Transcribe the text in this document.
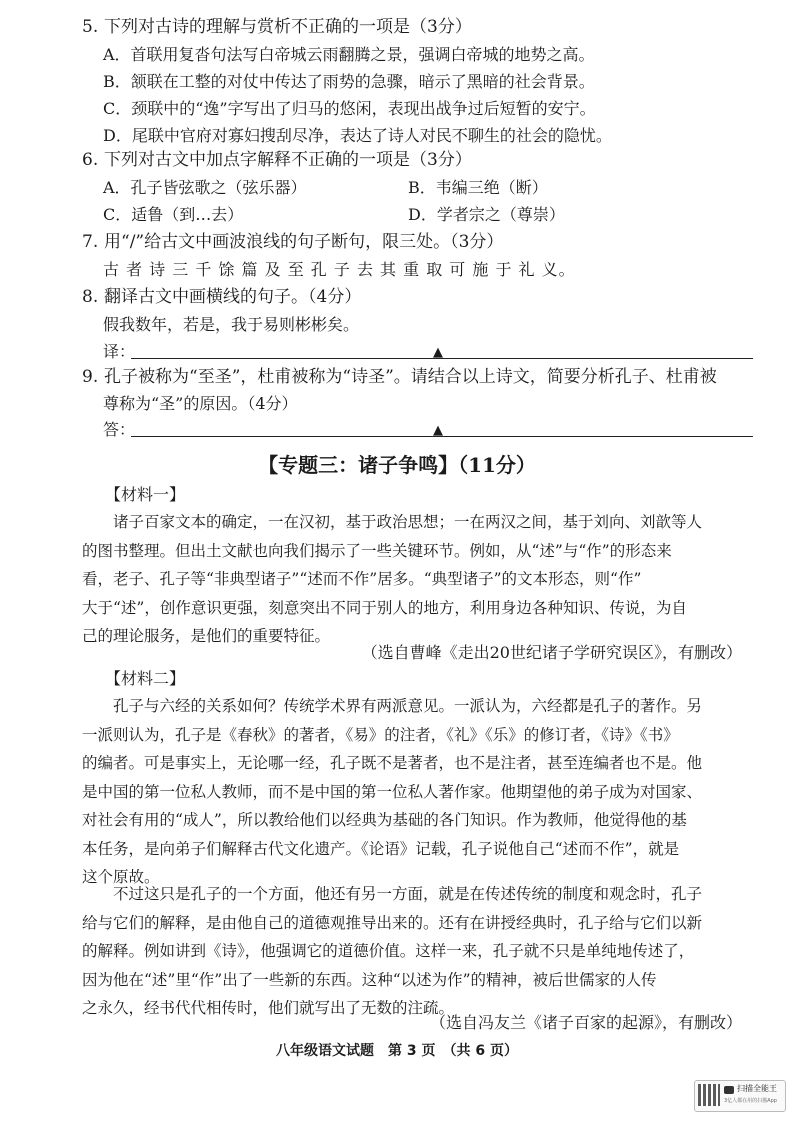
5. 下列对古诗的理解与赏析不正确的一项是（3分）
A．首联用复沓句法写白帝城云雨翻腾之景，强调白帝城的地势之高。
B．颔联在工整的对仗中传达了雨势的急骤，暗示了黑暗的社会背景。
C．颈联中的“逸”字写出了归马的悠闲，表现出战争过后短暂的安宁。
D．尾联中官府对寡妇搜刮尽净，表达了诗人对民不聊生的社会的隐忧。
6. 下列对古文中加点字解释不正确的一项是（3分）
A．孔子皆弦歌之（弦乐器）	B．韦编三绝（断）
C．适鲁（到…去）	D．学者宗之（尊崇）
7. 用“/”给古文中画波浪线的句子断句，限三处。（3分）
古 者 诗 三 千 馀 篇 及 至 孔 子 去 其 重 取 可 施 于 礼 义。
8. 翻译古文中画横线的句子。（4分）
假我数年，若是，我于易则彬彬矣。
译：	▲
9. 孔子被称为“至圣”，杜甫被称为“诗圣”。请结合以上诗文，简要分析孔子、杜甫被
尊称为“圣”的原因。（4分）
答：	▲
【专题三：诸子争鸣】（11分）
【材料一】
诸子百家文本的确定，一在汉初，基于政治思想；一在两汉之间，基于刘向、刘歆等人
的图书整理。但出土文献也向我们揭示了一些关键环节。例如，从“述”与“作”的形态来
看，老子、孔子等“非典型诸子”“述而不作”居多。“典型诸子”的文本形态，则“作”
大于“述”，创作意识更强，刻意突出不同于别人的地方，利用身边各种知识、传说，为自
己的理论服务，是他们的重要特征。
（选自曹峰《走出20世纪诸子学研究误区》，有删改）
【材料二】
孔子与六经的关系如何？传统学术界有两派意见。一派认为，六经都是孔子的著作。另
一派则认为，孔子是《春秋》的著者，《易》的注者，《礼》《乐》的修订者，《诗》《书》
的编者。可是事实上，无论哪一经，孔子既不是著者，也不是注者，甚至连编者也不是。他
是中国的第一位私人教师，而不是中国的第一位私人著作家。他期望他的弟子成为对国家、
对社会有用的“成人”，所以教给他们以经典为基础的各门知识。作为教师，他觉得他的基
本任务，是向弟子们解释古代文化遗产。《论语》记载，孔子说他自己“述而不作”，就是
这个原故。
不过这只是孔子的一个方面，他还有另一方面，就是在传述传统的制度和观念时，孔子
给与它们的解释，是由他自己的道德观推导出来的。还有在讲授经典时，孔子给与它们以新
的解释。例如讲到《诗》，他强调它的道德价值。这样一来，孔子就不只是单纯地传述了，
因为他在“述”里“作”出了一些新的东西。这种“以述为作”的精神，被后世儒家的人传
之永久，经书代代相传时，他们就写出了无数的注疏。
（选自冯友兰《诸子百家的起源》，有删改）
八年级语文试题　第 3 页　（共 6 页）
扫描全能王
3亿人都在用的扫描App
